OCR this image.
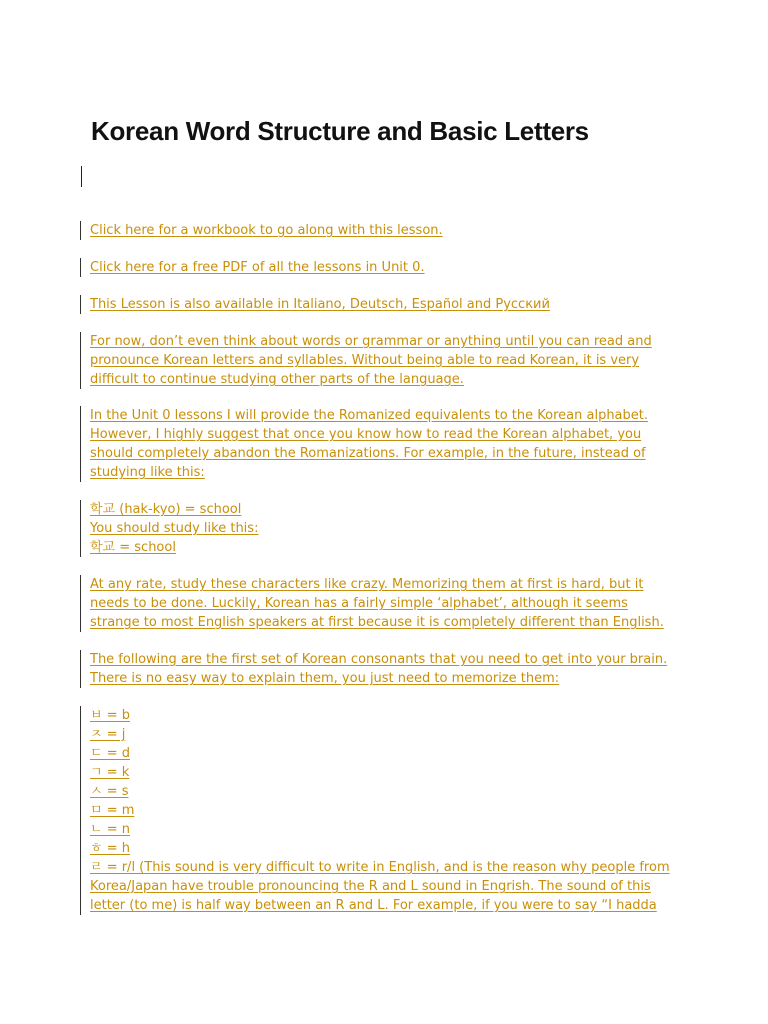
Korean Word Structure and Basic Letters
Click here for a workbook to go along with this lesson.
Click here for a free PDF of all the lessons in Unit 0.
This Lesson is also available in Italiano, Deutsch, Español and Русский
For now, don’t even think about words or grammar or anything until you can read and
pronounce Korean letters and syllables. Without being able to read Korean, it is very
difficult to continue studying other parts of the language.
In the Unit 0 lessons I will provide the Romanized equivalents to the Korean alphabet.
However, I highly suggest that once you know how to read the Korean alphabet, you
should completely abandon the Romanizations. For example, in the future, instead of
studying like this:
학교 (hak-kyo) = school
You should study like this:
학교 = school
At any rate, study these characters like crazy. Memorizing them at first is hard, but it
needs to be done. Luckily, Korean has a fairly simple ‘alphabet’, although it seems
strange to most English speakers at first because it is completely different than English.
The following are the first set of Korean consonants that you need to get into your brain.
There is no easy way to explain them, you just need to memorize them:
ㅂ = b
ㅈ = j
ㄷ = d
ㄱ = k
ㅅ = s
ㅁ = m
ㄴ = n
ㅎ = h
ㄹ = r/l (This sound is very difficult to write in English, and is the reason why people from
Korea/Japan have trouble pronouncing the R and L sound in Engrish. The sound of this
letter (to me) is half way between an R and L. For example, if you were to say “I hadda
